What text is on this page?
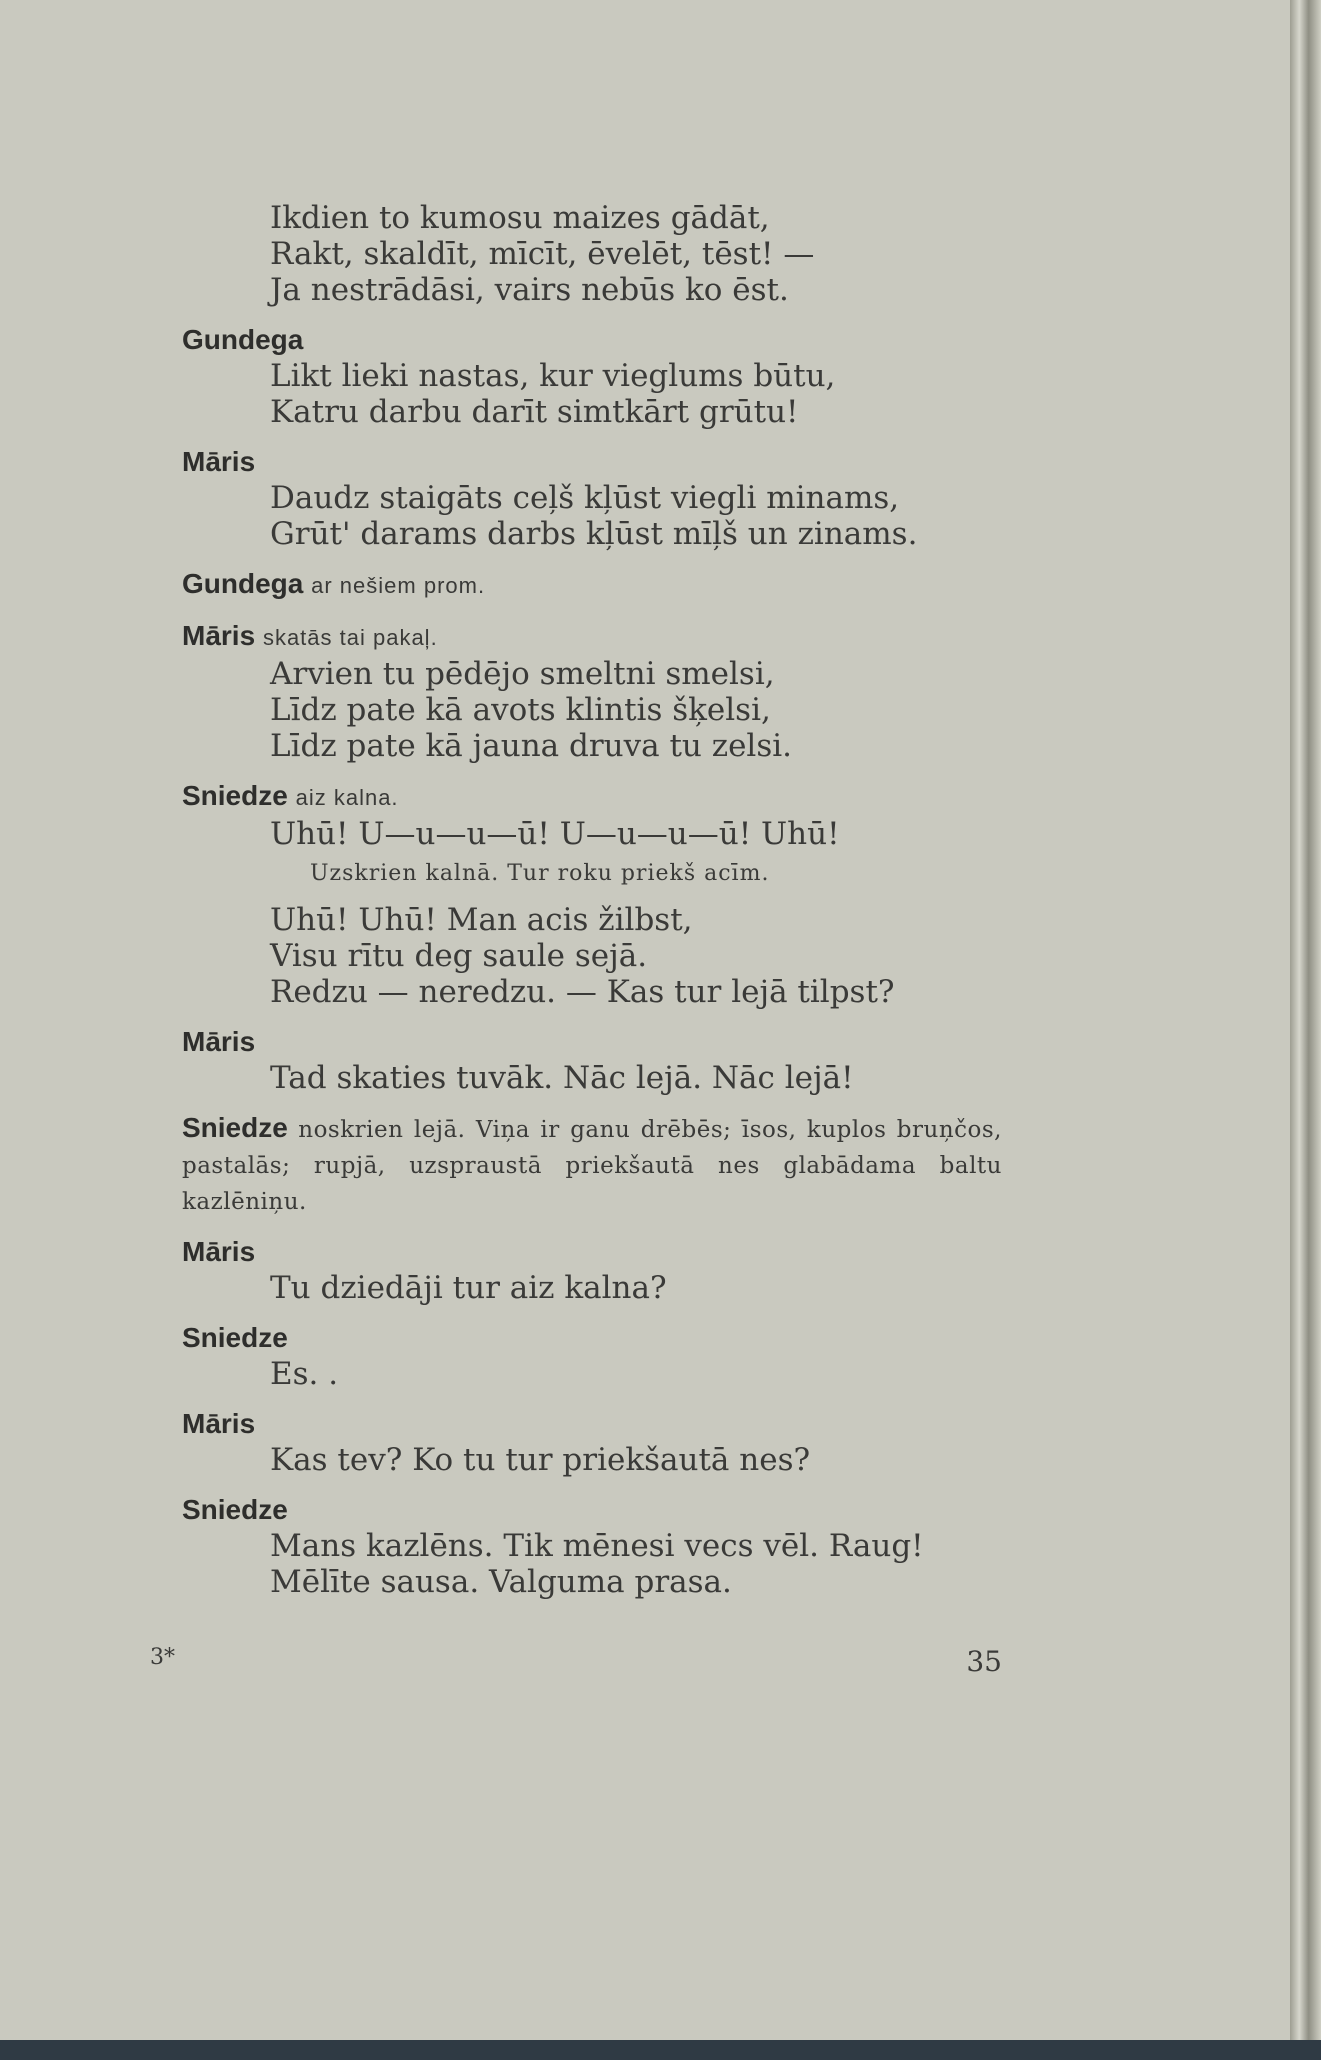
Ikdien to kumosu maizes gādāt,
Rakt, skaldīt, mīcīt, ēvelēt, tēst! —
Ja nestrādāsi, vairs nebūs ko ēst.
Gundega
Likt lieki nastas, kur vieglums būtu,
Katru darbu darīt simtkārt grūtu!
Māris
Daudz staigāts ceļš kļūst viegli minams,
Grūt' darams darbs kļūst mīļš un zinams.
Gundega ar nešiem prom.
Māris skatās tai pakaļ.
Arvien tu pēdējo smeltni smelsi,
Līdz pate kā avots klintis šķelsi,
Līdz pate kā jauna druva tu zelsi.
Sniedze aiz kalna.
Uhū! U—u—u—ū! U—u—u—ū! Uhū!
Uzskrien kalnā. Tur roku priekš acīm.
Uhū! Uhū! Man acis žilbst,
Visu rītu deg saule sejā.
Redzu — neredzu. — Kas tur lejā tilpst?
Māris
Tad skaties tuvāk. Nāc lejā. Nāc lejā!
Sniedze noskrien lejā. Viņa ir ganu drēbēs; īsos, kuplos bruņčos, pastalās; rupjā, uzspraustā priekšautā nes glabādama baltu kazlēniņu.
Māris
Tu dziedāji tur aiz kalna?
Sniedze
Es. .
Māris
Kas tev? Ko tu tur priekšautā nes?
Sniedze
Mans kazlēns. Tik mēnesi vecs vēl. Raug!
Mēlīte sausa. Valguma prasa.
3*	35
